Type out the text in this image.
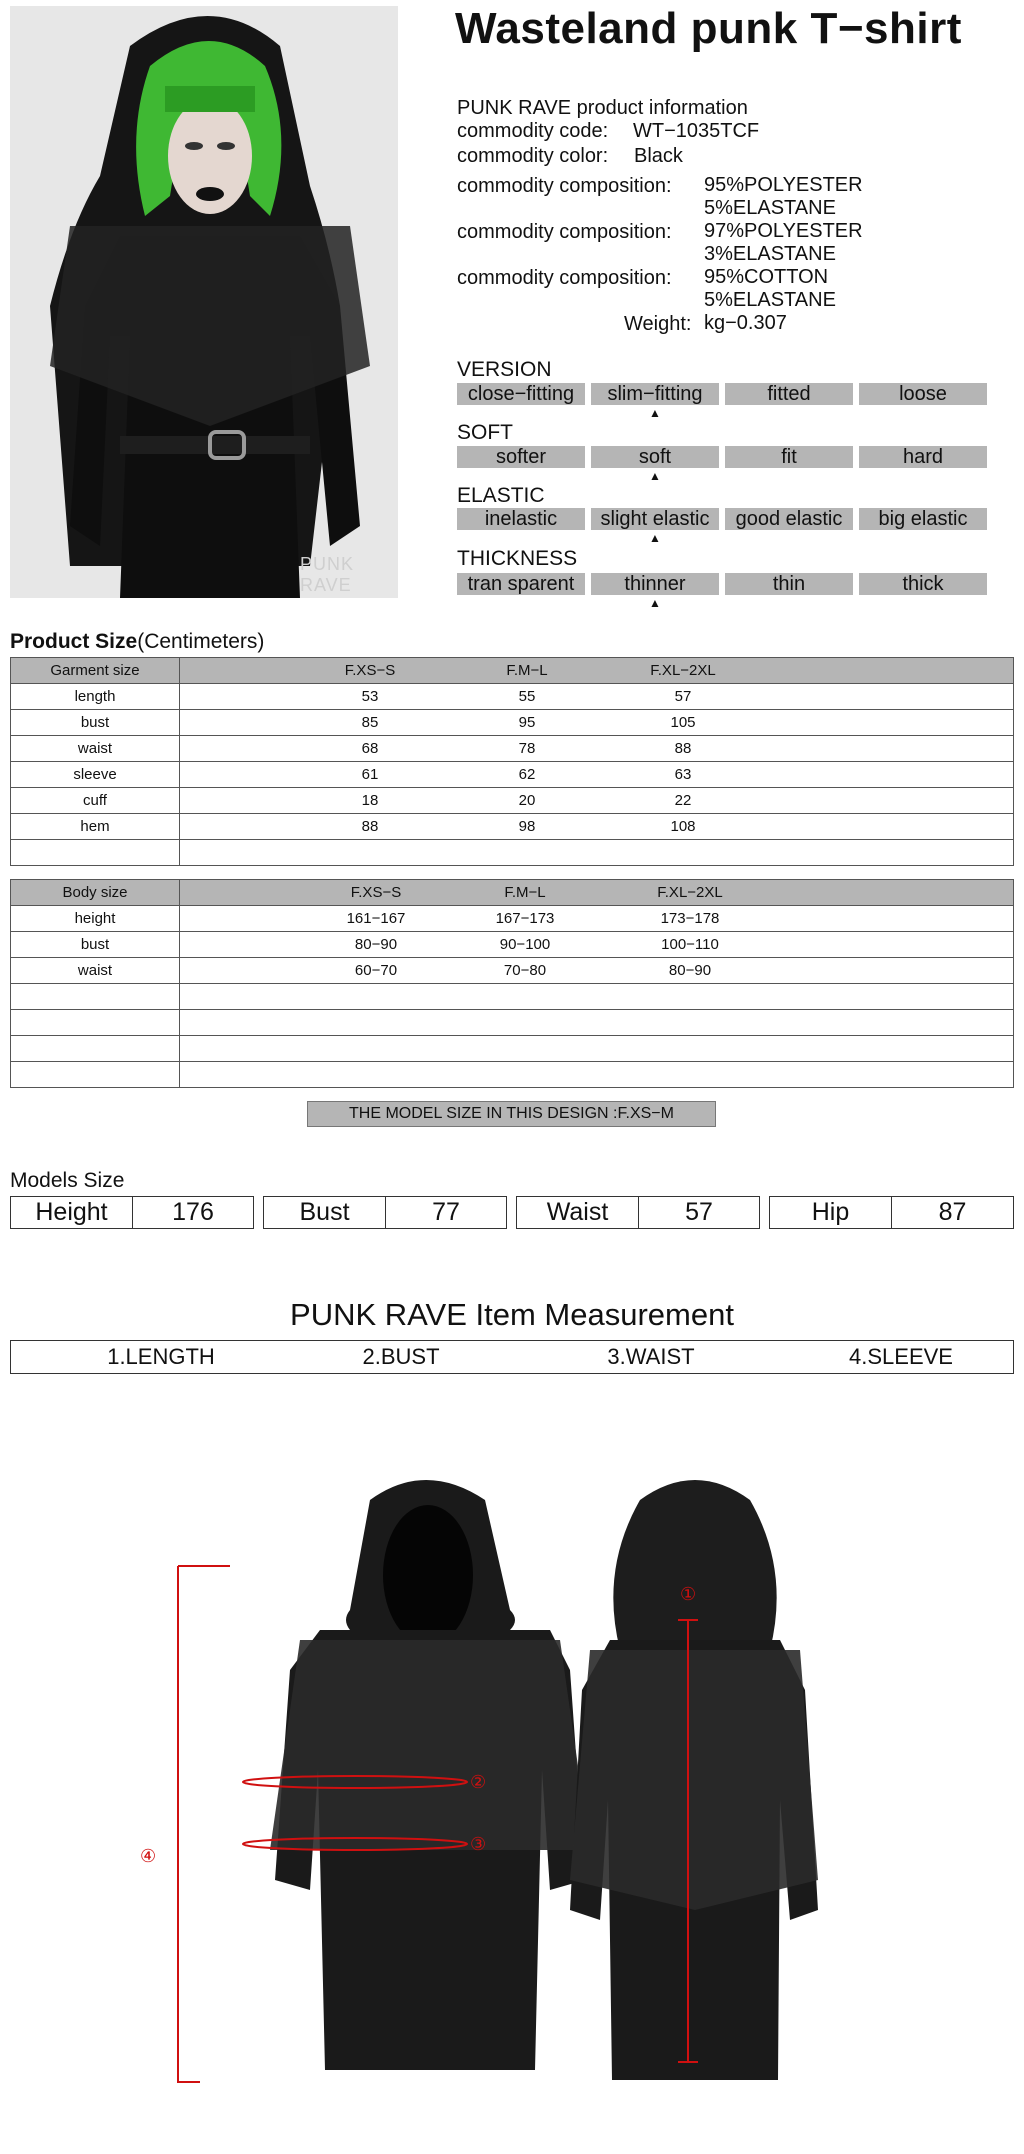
PUNK RAVE
Wasteland punk T−shirt
PUNK RAVE product information
commodity code: WT−1035TCF
commodity color: Black
commodity composition: 95%POLYESTER
5%ELASTANE
commodity composition: 97%POLYESTER
3%ELASTANE
commodity composition: 95%COTTON
5%ELASTANE
Weight: kg−0.307
VERSION
close−fitting	slim−fitting	fitted	loose
▲
SOFT
softer	soft	fit	hard
▲
ELASTIC
inelastic	slight elastic	good elastic	big elastic
▲
THICKNESS
tran sparent	thinner	thin	thick
▲
Product Size(Centimeters)
Garment size	F.XS−S F.M−L F.XL−2XL

length	53 55 57

bust	85 95 105

waist	68 78 88

sleeve	61 62 63

cuff	18 20 22

hem	88 98 108

Body size	F.XS−S F.M−L F.XL−2XL

height	161−167 167−173 173−178

bust	80−90 90−100 100−110

waist	60−70 70−80 80−90

THE MODEL SIZE IN THIS DESIGN :F.XS−M
Models Size
Height	176	Bust	77	Waist	57	Hip	87
PUNK RAVE Item Measurement
1.LENGTH	2.BUST	3.WAIST	4.SLEEVE
①
②
③
④
